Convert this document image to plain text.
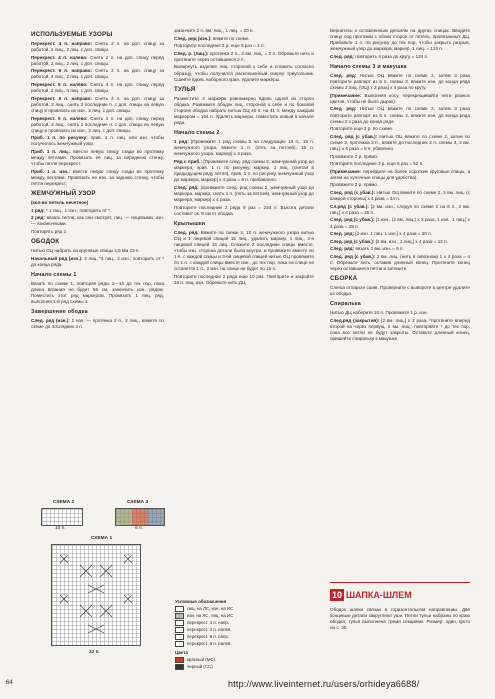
ИСПОЛЬЗУЕМЫЕ УЗОРЫ
Перекрест. 4 п. направо: Снять 2 п. на доп. спицу за работой, 2 лиц., 2 лиц. с доп. спицы.
Перекрест. 4 п. налево: Снять 2 п. на доп. спицу перед работой, 2 лиц., 2 лиц. с доп. спицы.
Перекрест. 6 п. направо: Снять 2 п. на доп. спицу за работой, 4 лиц., 2 лиц. с доп. спицы.
Перекрест. 6 п. налево: Снять 4 п. на доп. спицу перед работой, 2 лиц., 4 лиц. с доп. спицы.
Перекрест. 6 п. направо: Снять 4 п. на доп. спицу за работой, 2 лиц., снять 2 последние п. с доп. спицы на левую спицу и провязать их изн., 2 лиц. с доп. спицы.
Перекрест. 6 п. налево: Снять 4 п. на доп. спицу перед работой, 2 лиц., снять 2 последние п. с доп. спицы на левую спицу и провязать их изн., 2 лиц. с доп. спицы.
Приб. 1 п. по рисунку: прив. 1 п. лиц. или изн. чтобы получилось жемчужный узор.
Приб. 1 п. лиц.: ввести левую спицу сзади во протяжку между петлями. Провязать ее лиц. за переднюю стенку, чтобы петля перекрест.
Приб. 1 п. изн.: ввести левую спицу сзади во протяжку между петлями. Провязать ее изн. за заднюю стенку, чтобы петля перекрест.
ЖЕМЧУЖНЫЙ УЗОР
(кол-во петель нечетное)
1 ряд: * 1 лиц., 1 изн.; повторить от *.
2 ряд: вязать петли, как они смотрят, лиц. — лицевыми, изн. — изнаночными.
Повторять ряд 2.
ОБОДОК
Нитью ОЦ набрать на круговые спицы 4,5 мм 22 п.
Начальный ряд (изн.): 2 лиц. *2 лиц., 2 изн.; повторить от * до конца ряда.
Начало схемы 1
Вязать по схеме 1, повторяя ряды 1—16 до тех пор, пока длина вязания не будет 56 см, закончить изн. рядом. Поместить этот ряд маркером. Провязать 1 лиц. ряд, выполняя 1-й ряд схемы 1.
Завершение ободка
След. ряд (изн.): 1 изн. — протянка 2 п., 2 лиц., вяжите по схеме до последних 3 п.
закончите 2 п. вм. лиц., 1 лиц. = 20 п.
След. ряд (изн.): вяжите по схеме.
Повторите последние 2 р. еще 8 раз = 4 п.
След. р. (лиц.): протянка 2 п., 2 вм. лиц. = 2 п. Обрежьте нить и протяните через оставшиеся 2 п.
Вывернуть изделие лиц. стороной к себе и сложить согласно образцу, чтобы получился расклешенный сверху треугольник. Сшейте вдоль наборного края. Удалите маркеры.
ТУЛЬЯ
Разместите 4 маркера равномерно вдоль одной из сторон ободка. Развяжите ободок лиц. стороной к себе и по боковой стороне ободка набрать нитью ОЦ 40 п. на 41 п. между каждым маркером = 164 п. Удалить маркеры, поместить новый в начале ряда.
Начало схемы 2
1 ряд: [Провяжите 1 ряд схемы 2 на следующие 10 п., 15 п. жемчужного узора, вяжите 1 п. (пять за петлей), 15 п. жемчужного узора, маркер] x 4 раза.
Ряд с приб.: [Провяжите след. ряд схемы 2, жемчужный узор до маркера, прив. 1 п. по рисунку, маркер, 1 лиц. (снятая в предыдущем ряду петля), прив. 1 п. по рисунку, жемчужный узор до маркера, маркер] x 4 раза = 8 п. прибавлено.
След. ряд: [провяжите след. ряд схемы 2, жемчужный узор до маркера, маркер, снять 1 п. (пять за петлей), жемчужный узор до маркера, маркер] x 4 раза.
Повторите последние 2 ряда 9 раз = 244 п. Высота детали составит ок. 9 см от ободка.
Крылышки
След. ряд: Вяжите по схеме 2, 10 п. жемчужного узора нитью ОЦ и 1 лицевой спицей 15 лиц., удалить маркер, 1 лиц., 2-я лицевой спицей 15 лиц. Сложите 2 последние спицы вместе, чтобы изн. сторона детали была внутри, и провяжите вместе по 1 п. с каждой спицы и 3-ей лицевой спицей нитью ОЦ провяжите по 1 п. с каждой спицы вместе изн., до тех пор, пока на спице не останется 1 п., 2 изн. на спице не будет по 15 п.
Повторите последние 2 ряда еще 10 раз. Повторите и закройте 16 п. лиц. изн. Обрежьте нить ДЦ.
Вернитесь к оставленным деталям на других спицах. Вводите спицу под протяжки с обоих сторон от петель, провязанных ДЦ. Прибавьте 1 п. по рисунку до тех пор, чтобы закрыть разрыв, жемчужный узор до маркера, маркер, 1 лиц. = 124 п.
След. ряд: повторить 4 раза до кругу = 124 п.
Начало схемы 3 и макушка
След. ряд: Нитью ОЦ вяжите по схеме 2, затем 3 раза повторите раппорт из 6 п. схемы 3, вяжите изн. до конца ряда схемы 3 лиц. (ОЦ) x 3 раза] x 4 раза по кругу.
(Примечание: Выполняя косу, перекрещивайте нити разных цветов, чтобы не было дырок).
След. ряд: Нитью ОЦ вяжите по схеме 2, затем 3 раза повторите раппорт из 6 п. схемы 3, вяжите изн. до конца ряда схемы 2 x раза до конца ряда.
Повторите еще 2 р. по схеме.
След. ряд (с убав.): Нитью ОЦ вяжите по схеме 2, затем по схеме 3, протяжка 2 п., вяжите до последних 2 п. схемы 3, 2 вм. лиц.] x 4 раза = 8 п. убавлено.
Провяжите 2 р. прямо.
Повторите последние 3 р. еще 8 раз = 52 п.
(Примечание: перейдите на более короткие круговые спицы, а затем на чулочные спицы для удобства).
Провяжите 2 р. прямо.
След. ряд (с убав.): Нитью ОЦ вяжите по схеме 2, 3 вм. лиц. (с каждой стороны) x 4 раза = 44 п.
Сл.ряд (с убав.): [2 вм. изн., следуя по схеме 2 на 6 п., 2 вм. лиц.] x 4 раза = 36 п.
След. ряд (с убав.): [1 изн., (2 вм. лиц.) x 3 раза, 1 изн., 1 лиц.] x 4 раза = 28 п.
След. ряд: [2 изн. 1 лиц. 1 изн.] x 4 раза = 20 п.
След. ряд (с убав.): [2 вм. изн., 1 лиц.] x 4 раза = 12 п.
След. ряд: вязать 2 вм. изн. = 6 п.
След. ряд (с убав.): 2 вм. лиц. (нить в сквозном) 1 x 4 раза = 4 п. Обрежьте нить, оставив длинный конец. Протяните конец через оставшиеся петли и затяните.
СБОРКА
Слегка отпарьте сшив. Проверните с вывороте в центре удалите из ободка.
Спиралька
Нитью ДЦ наберите 24 п. Провяжите 1 р. изн.
След.ряд (закрытия): [2 вм. лиц.] x 2 раза, *протяните вперед второй на через первую, 2 вм. лиц.; повторяйте * до тех пор, пока все петли не будут закрыты. Оставьте длинный конец, пришейте спиральку к макушке.
СХЕМА 2	СХЕМА 3
10 п.	6 п.
СХЕМА 1
22 п.
Условные обозначения
лиц. на ЛС, изн. на ИС
изн. на ЛС, лиц. на ИС
перекрест. 4 п. напр.
перекрест. 4 п. налев.
перекрест. 6 п. напр.
перекрест. 6 п. налев.
Цвета
красный (МС)
черный (CC)
10 ШАПКА-ШЛЕМ
Ободок шапки связан в горизонтальном направлении. Две концевые детали закругляют уши. Петли тульи набраны по краю ободка, тулья выполнена тремя секциями. Размер: один, фото на с. 30.
64	http://www.liveinternet.ru/users/orhideya6688/
